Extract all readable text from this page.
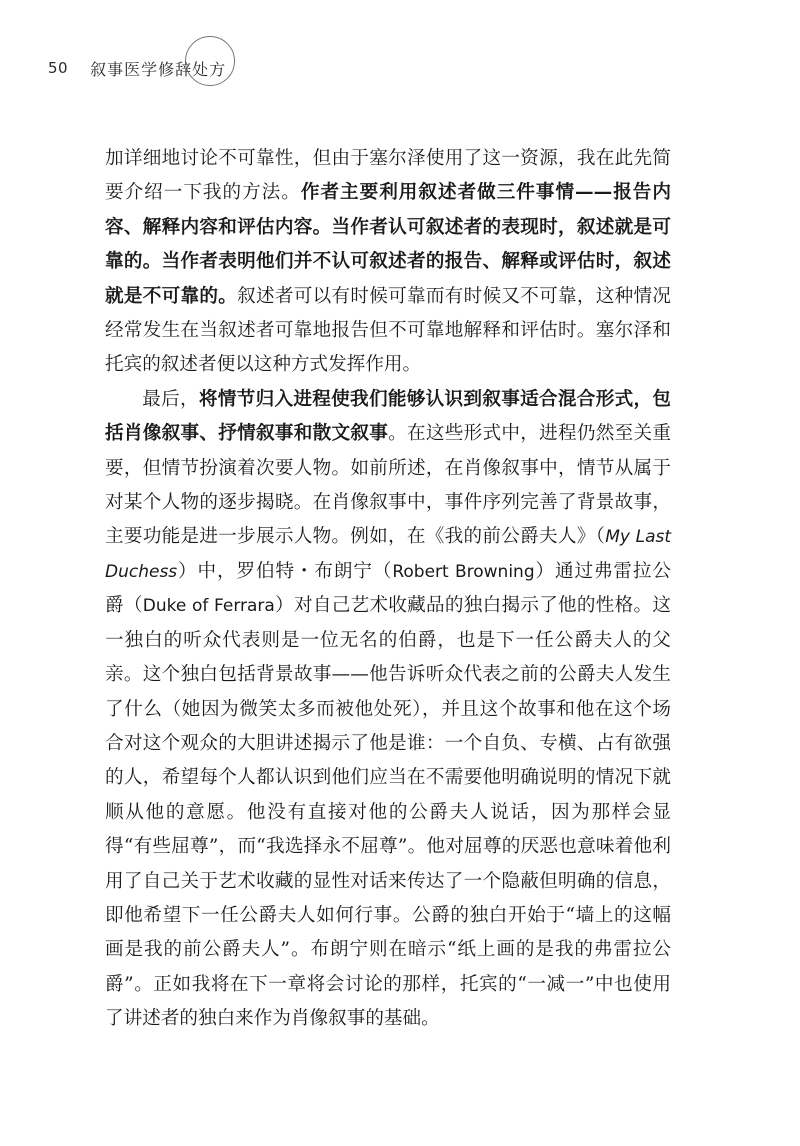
50 叙事医学修辞处方

加详细地讨论不可靠性，但由于塞尔泽使用了这一资源，我在此先简要介绍一下我的方法。作者主要利用叙述者做三件事情——报告内容、解释内容和评估内容。当作者认可叙述者的表现时，叙述就是可靠的。当作者表明他们并不认可叙述者的报告、解释或评估时，叙述就是不可靠的。叙述者可以有时候可靠而有时候又不可靠，这种情况经常发生在当叙述者可靠地报告但不可靠地解释和评估时。塞尔泽和托宾的叙述者便以这种方式发挥作用。

最后，将情节归入进程使我们能够认识到叙事适合混合形式，包括肖像叙事、抒情叙事和散文叙事。在这些形式中，进程仍然至关重要，但情节扮演着次要人物。如前所述，在肖像叙事中，情节从属于对某个人物的逐步揭晓。在肖像叙事中，事件序列完善了背景故事，主要功能是进一步展示人物。例如，在《我的前公爵夫人》（My Last Duchess）中，罗伯特・布朗宁（Robert Browning）通过弗雷拉公爵（Duke of Ferrara）对自己艺术收藏品的独白揭示了他的性格。这一独白的听众代表则是一位无名的伯爵，也是下一任公爵夫人的父亲。这个独白包括背景故事——他告诉听众代表之前的公爵夫人发生了什么（她因为微笑太多而被他处死），并且这个故事和他在这个场合对这个观众的大胆讲述揭示了他是谁：一个自负、专横、占有欲强的人，希望每个人都认识到他们应当在不需要他明确说明的情况下就顺从他的意愿。他没有直接对他的公爵夫人说话，因为那样会显得“有些屈尊”，而“我选择永不屈尊”。他对屈尊的厌恶也意味着他利用了自己关于艺术收藏的显性对话来传达了一个隐蔽但明确的信息，即他希望下一任公爵夫人如何行事。公爵的独白开始于“墙上的这幅画是我的前公爵夫人”。布朗宁则在暗示“纸上画的是我的弗雷拉公爵”。正如我将在下一章将会讨论的那样，托宾的“一减一”中也使用了讲述者的独白来作为肖像叙事的基础。
